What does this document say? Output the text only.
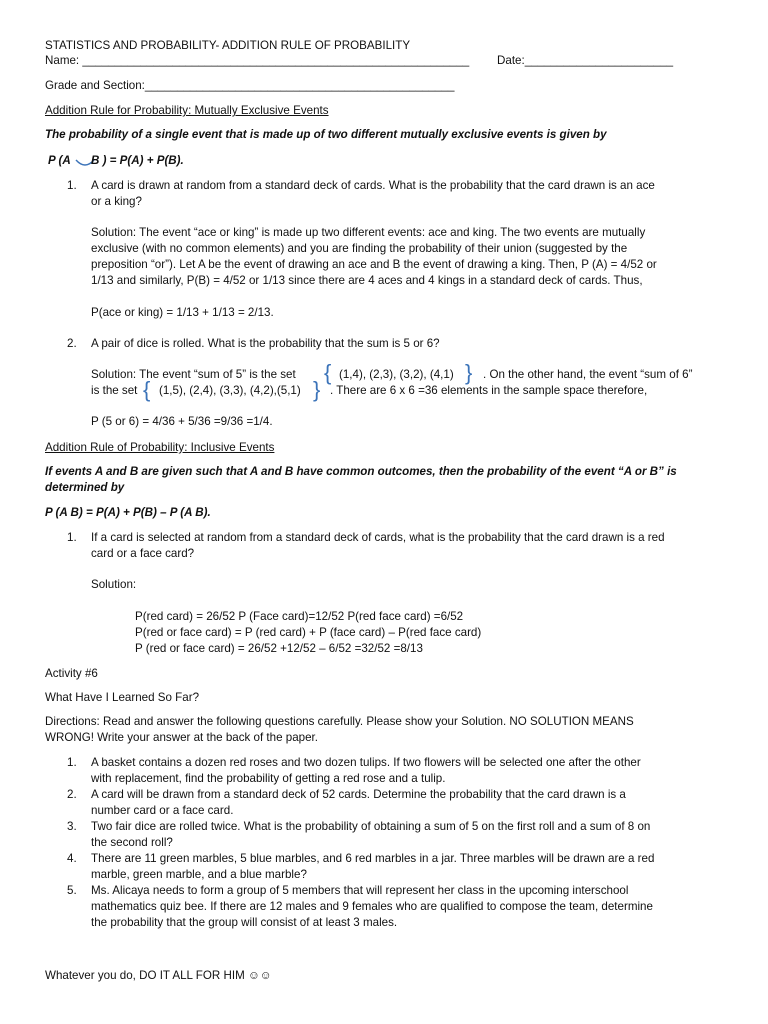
STATISTICS AND PROBABILITY- ADDITION RULE OF PROBABILITY
Name: ____________________________________________________________ Date:_______________________
Grade and Section:________________________________________________
Addition Rule for Probability: Mutually Exclusive Events
The probability of a single event that is made up of two different mutually exclusive events is given by
P (A B ) = P(A) + P(B).
1. A card is drawn at random from a standard deck of cards. What is the probability that the card drawn is an ace
or a king?
Solution: The event “ace or king” is made up two different events: ace and king. The two events are mutually
exclusive (with no common elements) and you are finding the probability of their union (suggested by the
preposition “or”). Let A be the event of drawing an ace and B the event of drawing a king. Then, P (A) = 4/52 or
1/13 and similarly, P(B) = 4/52 or 1/13 since there are 4 aces and 4 kings in a standard deck of cards. Thus,
P(ace or king) = 1/13 + 1/13 = 2/13.
2. A pair of dice is rolled. What is the probability that the sum is 5 or 6?
Solution: The event “sum of 5” is the set { (1,4), (2,3), (3,2), (4,1) } . On the other hand, the event “sum of 6”
is the set { (1,5), (2,4), (3,3), (4,2),(5,1) } . There are 6 x 6 =36 elements in the sample space therefore,
P (5 or 6) = 4/36 + 5/36 =9/36 =1/4.
Addition Rule of Probability: Inclusive Events
If events A and B are given such that A and B have common outcomes, then the probability of the event “A or B” is
determined by
P (A B) = P(A) + P(B) – P (A B).
1. If a card is selected at random from a standard deck of cards, what is the probability that the card drawn is a red
card or a face card?
Solution:
P(red card) = 26/52 P (Face card)=12/52 P(red face card) =6/52
P(red or face card) = P (red card) + P (face card) – P(red face card)
P (red or face card) = 26/52 +12/52 – 6/52 =32/52 =8/13
Activity #6
What Have I Learned So Far?
Directions: Read and answer the following questions carefully. Please show your Solution. NO SOLUTION MEANS
WRONG! Write your answer at the back of the paper.
1. A basket contains a dozen red roses and two dozen tulips. If two flowers will be selected one after the other
with replacement, find the probability of getting a red rose and a tulip.
2. A card will be drawn from a standard deck of 52 cards. Determine the probability that the card drawn is a
number card or a face card.
3. Two fair dice are rolled twice. What is the probability of obtaining a sum of 5 on the first roll and a sum of 8 on
the second roll?
4. There are 11 green marbles, 5 blue marbles, and 6 red marbles in a jar. Three marbles will be drawn are a red
marble, green marble, and a blue marble?
5. Ms. Alicaya needs to form a group of 5 members that will represent her class in the upcoming interschool
mathematics quiz bee. If there are 12 males and 9 females who are qualified to compose the team, determine
the probability that the group will consist of at least 3 males.
Whatever you do, DO IT ALL FOR HIM ☺☺
